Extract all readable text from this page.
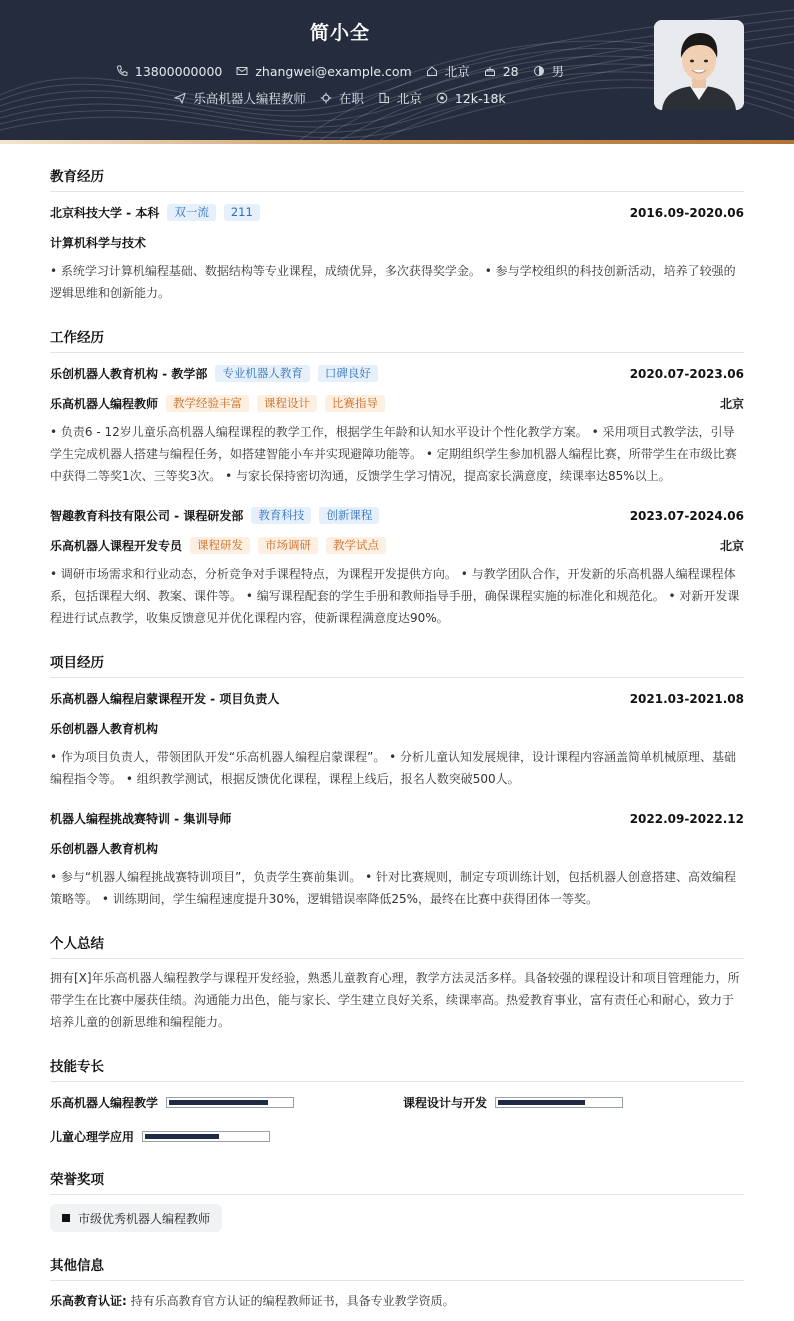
简小全
13800000000
	zhangwei@example.com
	北京
	28
	男
乐高机器人编程教师
	在职
	北京
	12k-18k
教育经历
北京科技大学 - 本科	双一流	211	2016.09-2020.06
计算机科学与技术
• 系统学习计算机编程基础、数据结构等专业课程，成绩优异，多次获得奖学金。 • 参与学校组织的科技创新活动，培养了较强的逻辑思维和创新能力。
工作经历
乐创机器人教育机构 - 教学部	专业机器人教育	口碑良好	2020.07-2023.06
乐高机器人编程教师	教学经验丰富	课程设计	比赛指导	北京
• 负责6 - 12岁儿童乐高机器人编程课程的教学工作，根据学生年龄和认知水平设计个性化教学方案。 • 采用项目式教学法，引导学生完成机器人搭建与编程任务，如搭建智能小车并实现避障功能等。 • 定期组织学生参加机器人编程比赛，所带学生在市级比赛中获得二等奖1次、三等奖3次。 • 与家长保持密切沟通，反馈学生学习情况，提高家长满意度，续课率达85%以上。
智趣教育科技有限公司 - 课程研发部	教育科技	创新课程	2023.07-2024.06
乐高机器人课程开发专员	课程研发	市场调研	教学试点	北京
• 调研市场需求和行业动态，分析竞争对手课程特点，为课程开发提供方向。 • 与教学团队合作，开发新的乐高机器人编程课程体系，包括课程大纲、教案、课件等。 • 编写课程配套的学生手册和教师指导手册，确保课程实施的标准化和规范化。 • 对新开发课程进行试点教学，收集反馈意见并优化课程内容，使新课程满意度达90%。
项目经历
乐高机器人编程启蒙课程开发 - 项目负责人	2021.03-2021.08
乐创机器人教育机构
• 作为项目负责人，带领团队开发“乐高机器人编程启蒙课程”。 • 分析儿童认知发展规律，设计课程内容涵盖简单机械原理、基础编程指令等。 • 组织教学测试，根据反馈优化课程，课程上线后，报名人数突破500人。
机器人编程挑战赛特训 - 集训导师	2022.09-2022.12
乐创机器人教育机构
• 参与“机器人编程挑战赛特训项目”，负责学生赛前集训。 • 针对比赛规则，制定专项训练计划，包括机器人创意搭建、高效编程策略等。 • 训练期间，学生编程速度提升30%，逻辑错误率降低25%，最终在比赛中获得团体一等奖。
个人总结
拥有[X]年乐高机器人编程教学与课程开发经验，熟悉儿童教育心理，教学方法灵活多样。具备较强的课程设计和项目管理能力，所带学生在比赛中屡获佳绩。沟通能力出色，能与家长、学生建立良好关系，续课率高。热爱教育事业，富有责任心和耐心，致力于培养儿童的创新思维和编程能力。
技能专长
乐高机器人编程教学	课程设计与开发
儿童心理学应用
荣誉奖项
市级优秀机器人编程教师
其他信息
乐高教育认证: 持有乐高教育官方认证的编程教师证书，具备专业教学资质。
